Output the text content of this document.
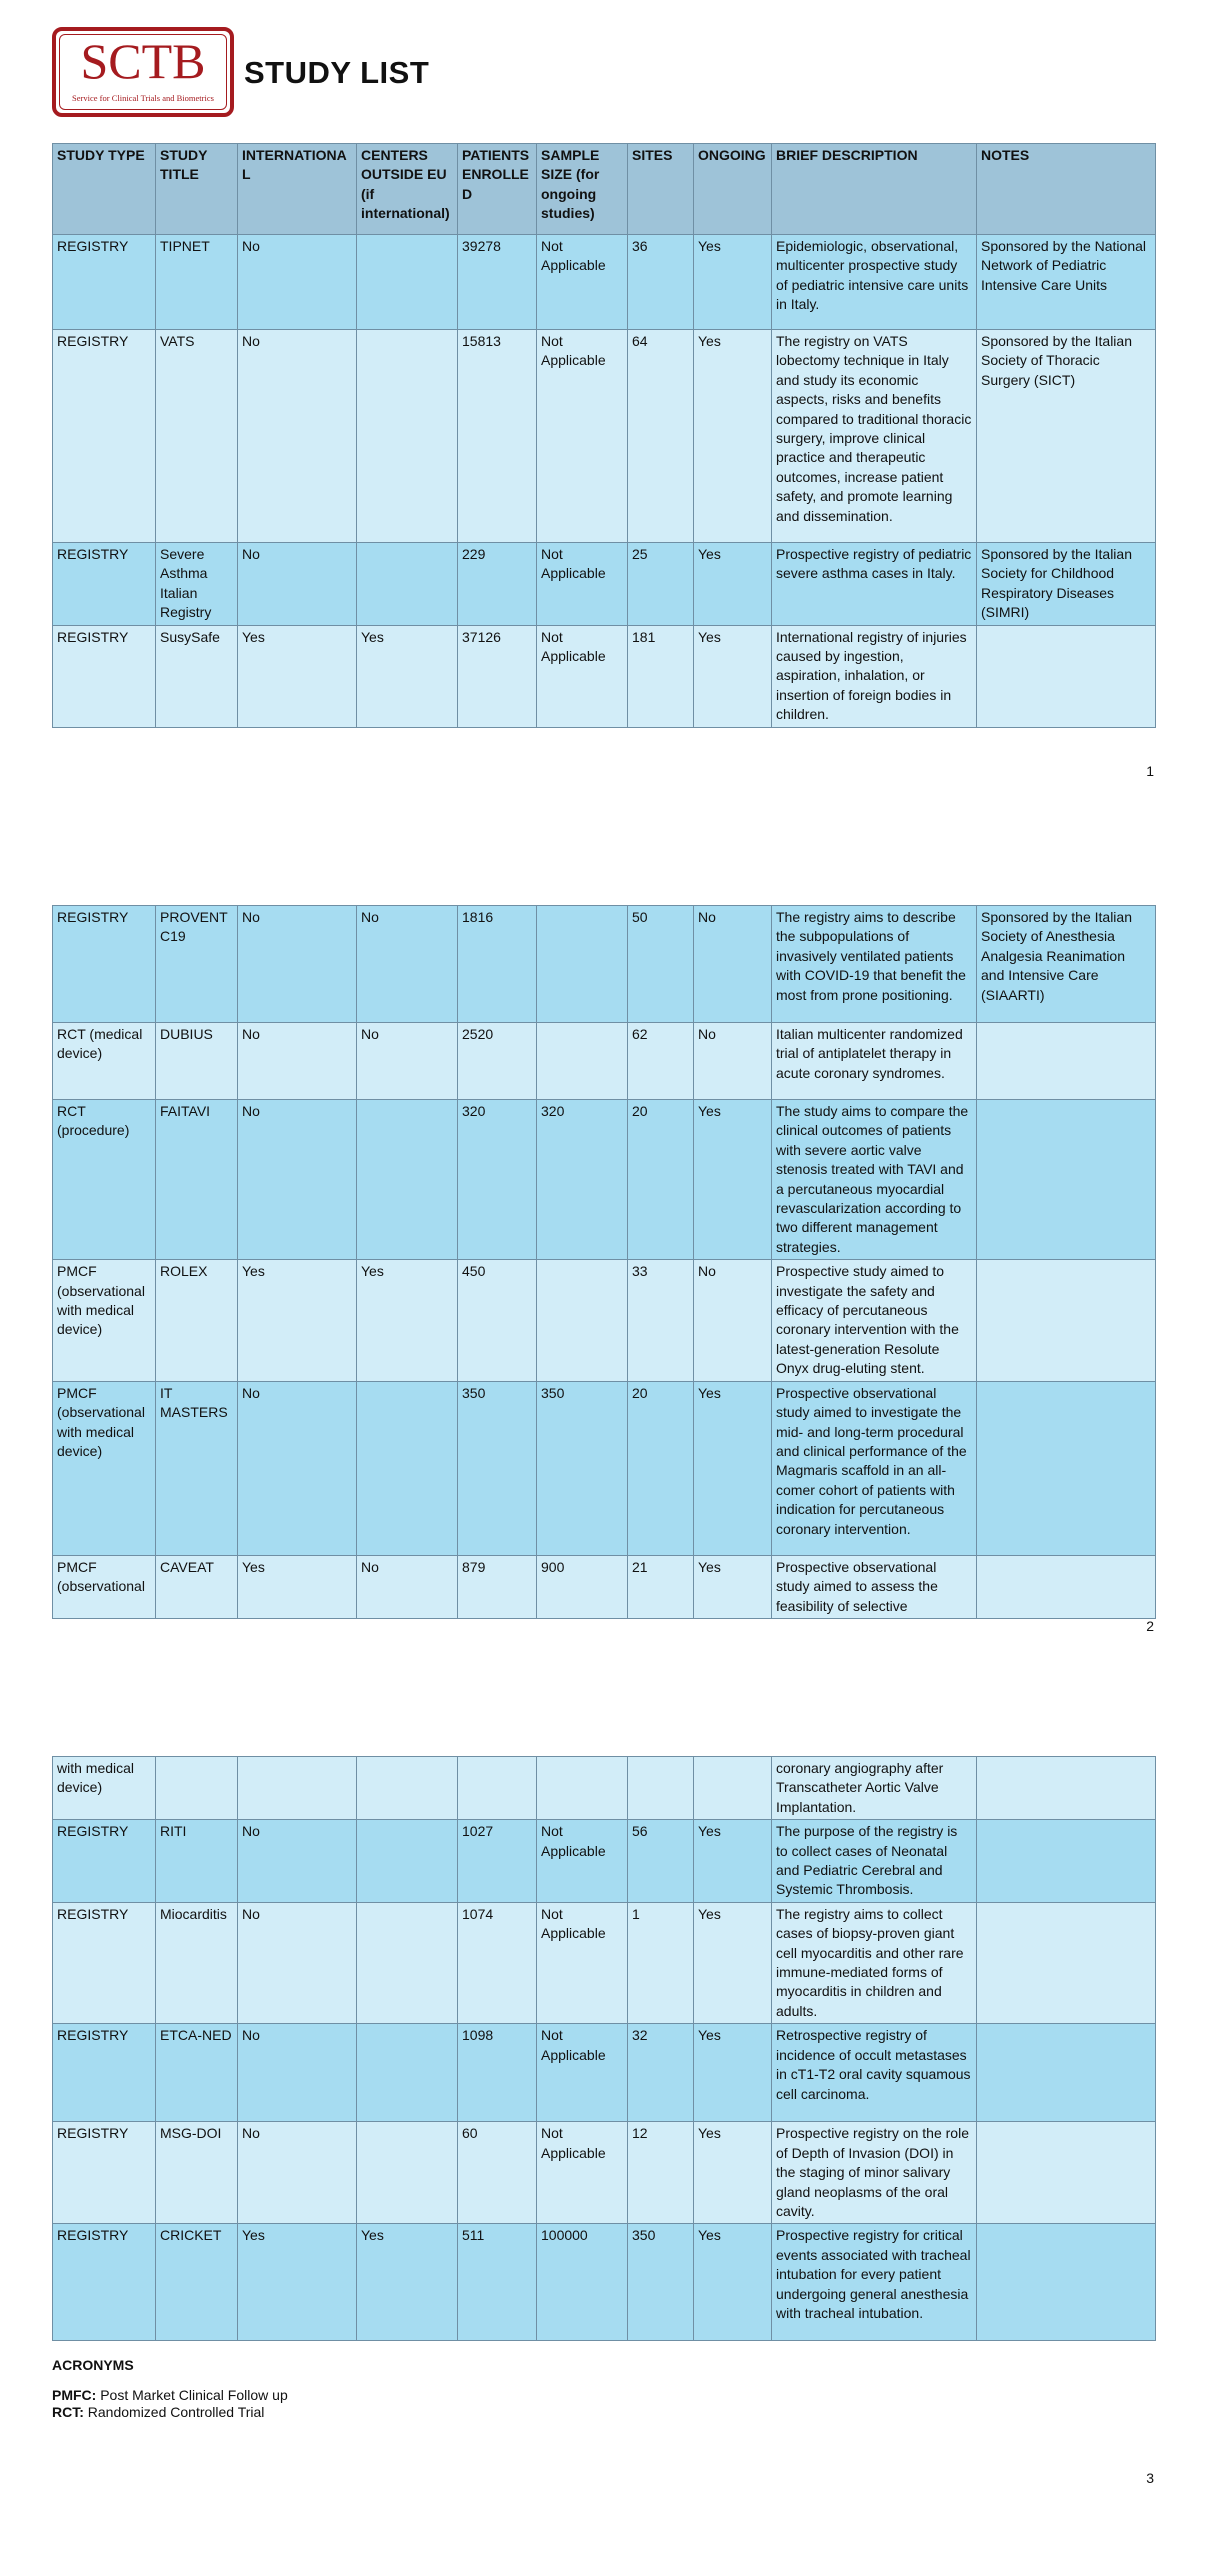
SCTB
Service for Clinical Trials and Biometrics
STUDY LIST
STUDY TYPE	STUDY TITLE	INTERNATIONAL	CENTERS OUTSIDE EU (if international)	PATIENTS ENROLLED	SAMPLE SIZE (for ongoing studies)	SITES	ONGOING	BRIEF DESCRIPTION	NOTES
REGISTRY	TIPNET	No		39278	Not Applicable	36	Yes	Epidemiologic, observational, multicenter prospective study of pediatric intensive care units in Italy.	Sponsored by the National Network of Pediatric Intensive Care Units
REGISTRY	VATS	No		15813	Not Applicable	64	Yes	The registry on VATS lobectomy technique in Italy and study its economic aspects, risks and benefits compared to traditional thoracic surgery, improve clinical practice and therapeutic outcomes, increase patient safety, and promote learning and dissemination.	Sponsored by the Italian Society of Thoracic Surgery (SICT)
REGISTRY	Severe Asthma Italian Registry	No		229	Not Applicable	25	Yes	Prospective registry of pediatric severe asthma cases in Italy.	Sponsored by the Italian Society for Childhood Respiratory Diseases (SIMRI)
REGISTRY	SusySafe	Yes	Yes	37126	Not Applicable	181	Yes	International registry of injuries caused by ingestion, aspiration, inhalation, or insertion of foreign bodies in children.	
1
REGISTRY	PROVENT C19	No	No	1816		50	No	The registry aims to describe the subpopulations of invasively ventilated patients with COVID-19 that benefit the most from prone positioning.	Sponsored by the Italian Society of Anesthesia Analgesia Reanimation and Intensive Care (SIAARTI)
RCT (medical device)	DUBIUS	No	No	2520		62	No	Italian multicenter randomized trial of antiplatelet therapy in acute coronary syndromes.	
RCT (procedure)	FAITAVI	No		320	320	20	Yes	The study aims to compare the clinical outcomes of patients with severe aortic valve stenosis treated with TAVI and a percutaneous myocardial revascularization according to two different management strategies.	
PMCF (observational with medical device)	ROLEX	Yes	Yes	450		33	No	Prospective study aimed to investigate the safety and efficacy of percutaneous coronary intervention with the latest-generation Resolute Onyx drug-eluting stent.	
PMCF (observational with medical device)	IT MASTERS	No		350	350	20	Yes	Prospective observational study aimed to investigate the mid- and long-term procedural and clinical performance of the Magmaris scaffold in an all-comer cohort of patients with indication for percutaneous coronary intervention.	
PMCF (observational	CAVEAT	Yes	No	879	900	21	Yes	Prospective observational study aimed to assess the feasibility of selective	
2
with medical device)								coronary angiography after Transcatheter Aortic Valve Implantation.	
REGISTRY	RITI	No		1027	Not Applicable	56	Yes	The purpose of the registry is to collect cases of Neonatal and Pediatric Cerebral and Systemic Thrombosis.	
REGISTRY	Miocarditis	No		1074	Not Applicable	1	Yes	The registry aims to collect cases of biopsy-proven giant cell myocarditis and other rare immune-mediated forms of myocarditis in children and adults.	
REGISTRY	ETCA-NED	No		1098	Not Applicable	32	Yes	Retrospective registry of incidence of occult metastases in cT1-T2 oral cavity squamous cell carcinoma.	
REGISTRY	MSG-DOI	No		60	Not Applicable	12	Yes	Prospective registry on the role of Depth of Invasion (DOI) in the staging of minor salivary gland neoplasms of the oral cavity.	
REGISTRY	CRICKET	Yes	Yes	511	100000	350	Yes	Prospective registry for critical events associated with tracheal intubation for every patient undergoing general anesthesia with tracheal intubation.	
ACRONYMS
PMFC: Post Market Clinical Follow up
RCT: Randomized Controlled Trial
3
